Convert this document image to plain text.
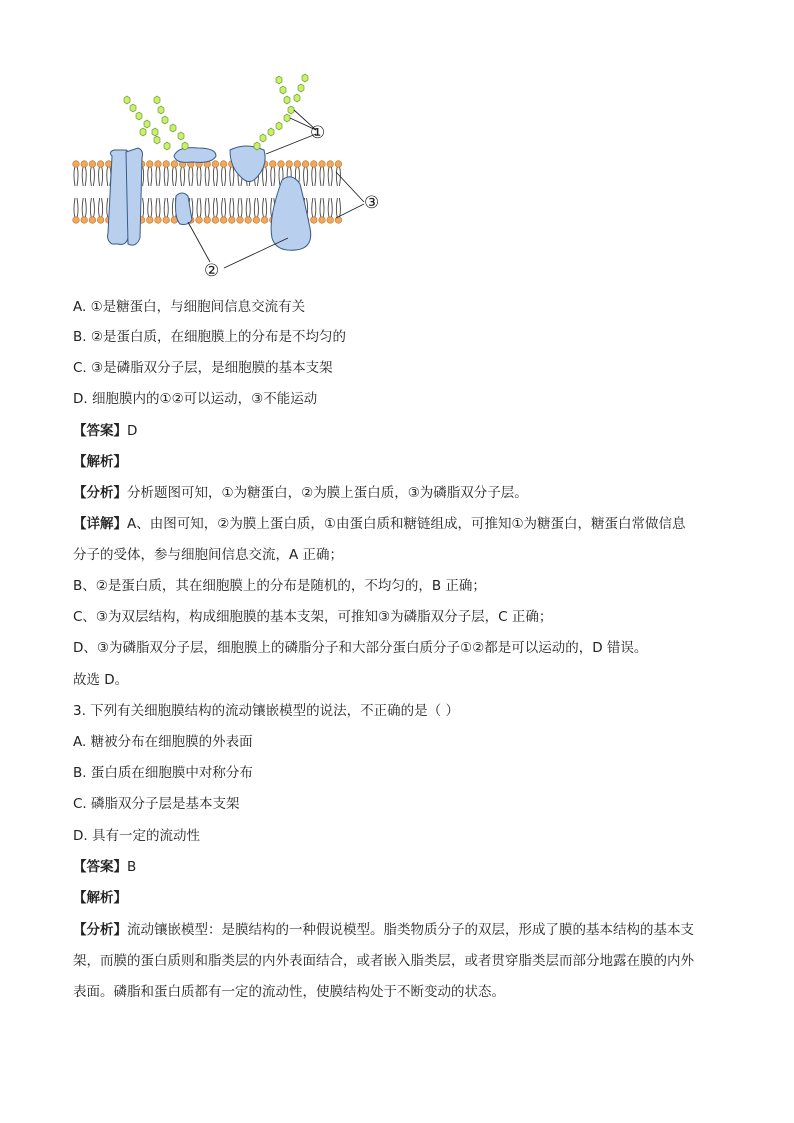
①
③
②
A. ①是糖蛋白，与细胞间信息交流有关
B. ②是蛋白质，在细胞膜上的分布是不均匀的
C. ③是磷脂双分子层，是细胞膜的基本支架
D. 细胞膜内的①②可以运动，③不能运动
【答案】D
【解析】
【分析】分析题图可知，①为糖蛋白，②为膜上蛋白质，③为磷脂双分子层。
【详解】A、由图可知，②为膜上蛋白质，①由蛋白质和糖链组成，可推知①为糖蛋白，糖蛋白常做信息
分子的受体，参与细胞间信息交流，A 正确；
B、②是蛋白质，其在细胞膜上的分布是随机的，不均匀的，B 正确；
C、③为双层结构，构成细胞膜的基本支架，可推知③为磷脂双分子层，C 正确；
D、③为磷脂双分子层，细胞膜上的磷脂分子和大部分蛋白质分子①②都是可以运动的，D 错误。
故选 D。
3. 下列有关细胞膜结构的流动镶嵌模型的说法，不正确的是（ ）
A. 糖被分布在细胞膜的外表面
B. 蛋白质在细胞膜中对称分布
C. 磷脂双分子层是基本支架
D. 具有一定的流动性
【答案】B
【解析】
【分析】流动镶嵌模型：是膜结构的一种假说模型。脂类物质分子的双层，形成了膜的基本结构的基本支
架，而膜的蛋白质则和脂类层的内外表面结合，或者嵌入脂类层，或者贯穿脂类层而部分地露在膜的内外
表面。磷脂和蛋白质都有一定的流动性，使膜结构处于不断变动的状态。
